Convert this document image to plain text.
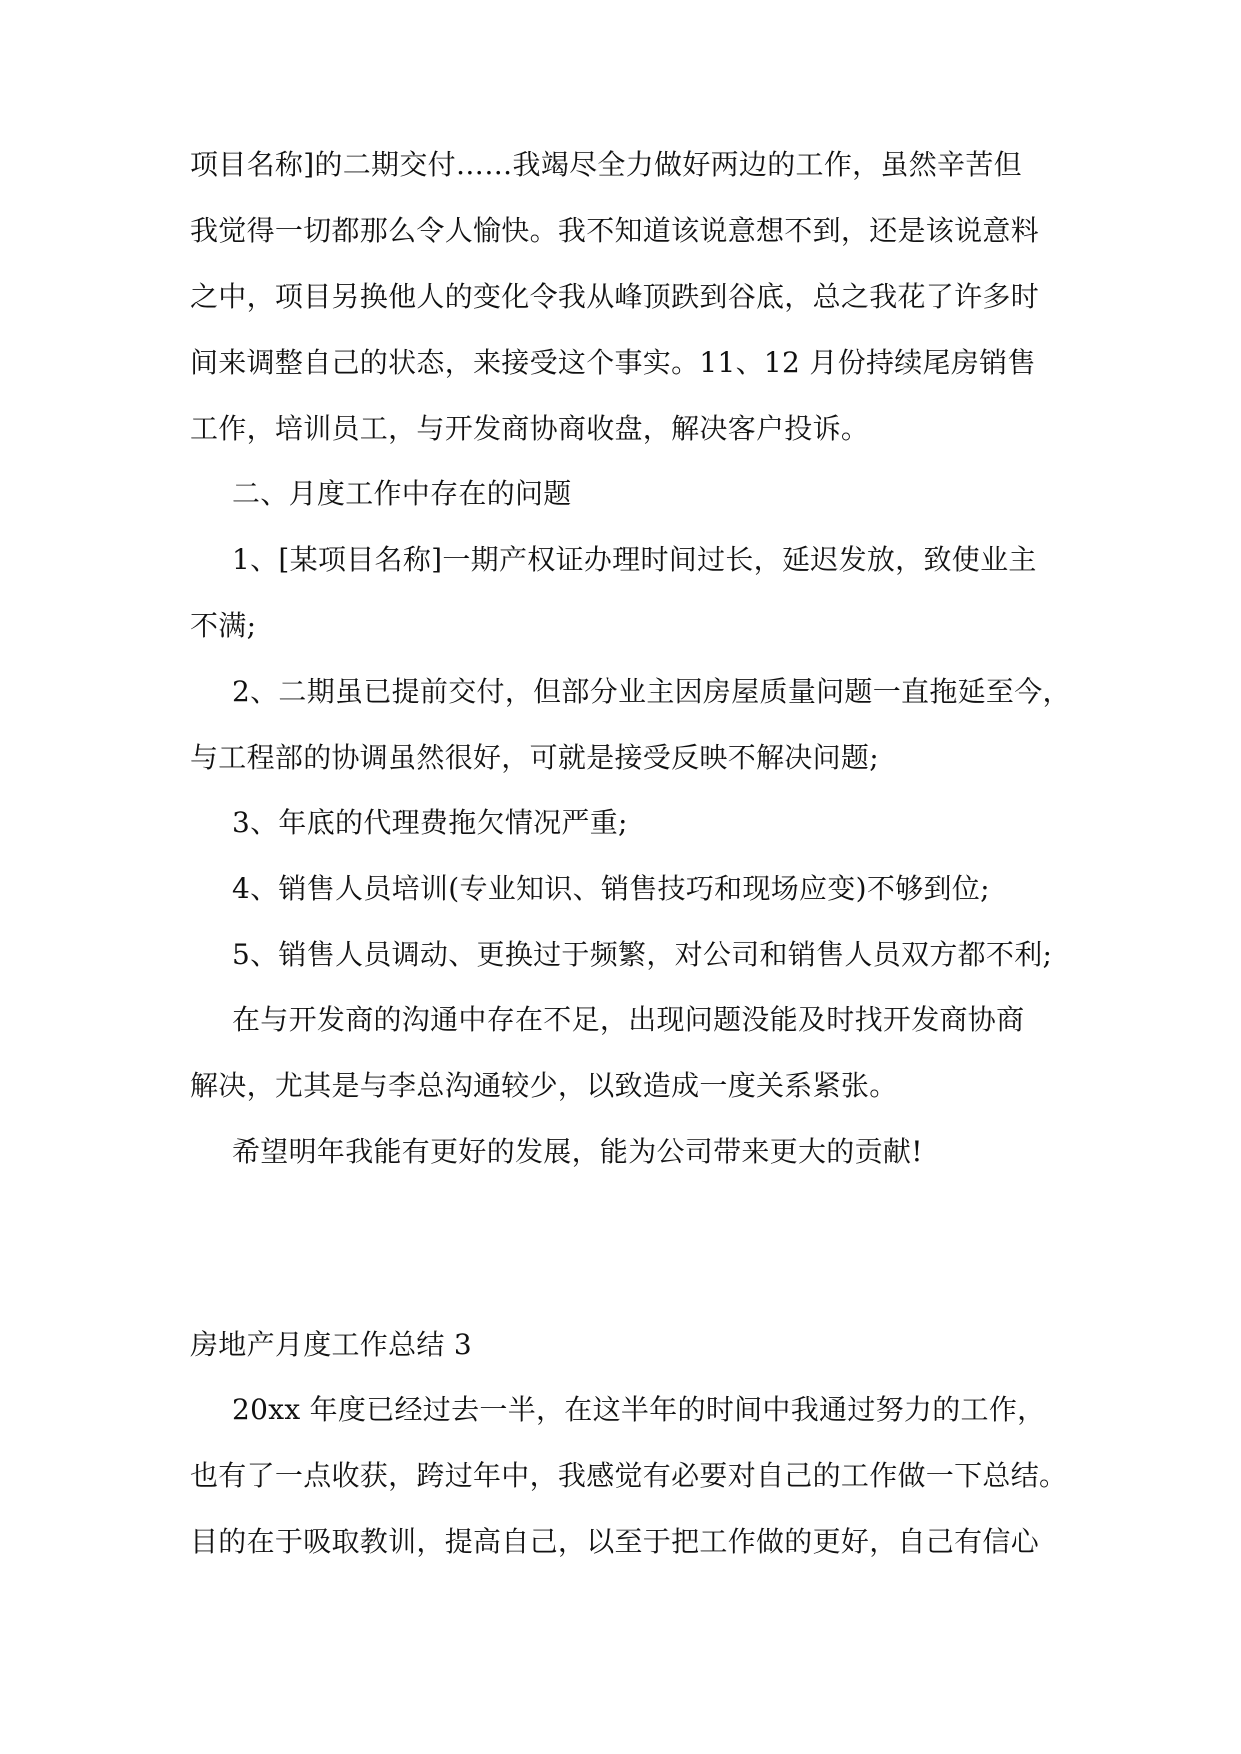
项目名称]的二期交付……我竭尽全力做好两边的工作，虽然辛苦但
我觉得一切都那么令人愉快。我不知道该说意想不到，还是该说意料
之中，项目另换他人的变化令我从峰顶跌到谷底，总之我花了许多时
间来调整自己的状态，来接受这个事实。11、12 月份持续尾房销售
工作，培训员工，与开发商协商收盘，解决客户投诉。
二、月度工作中存在的问题
1、[某项目名称]一期产权证办理时间过长，延迟发放，致使业主
不满;
2、二期虽已提前交付，但部分业主因房屋质量问题一直拖延至今，
与工程部的协调虽然很好，可就是接受反映不解决问题;
3、年底的代理费拖欠情况严重;
4、销售人员培训(专业知识、销售技巧和现场应变)不够到位;
5、销售人员调动、更换过于频繁，对公司和销售人员双方都不利;
在与开发商的沟通中存在不足，出现问题没能及时找开发商协商
解决，尤其是与李总沟通较少，以致造成一度关系紧张。
希望明年我能有更好的发展，能为公司带来更大的贡献!
房地产月度工作总结 3
20xx 年度已经过去一半，在这半年的时间中我通过努力的工作，
也有了一点收获，跨过年中，我感觉有必要对自己的工作做一下总结。
目的在于吸取教训，提高自己，以至于把工作做的更好，自己有信心
